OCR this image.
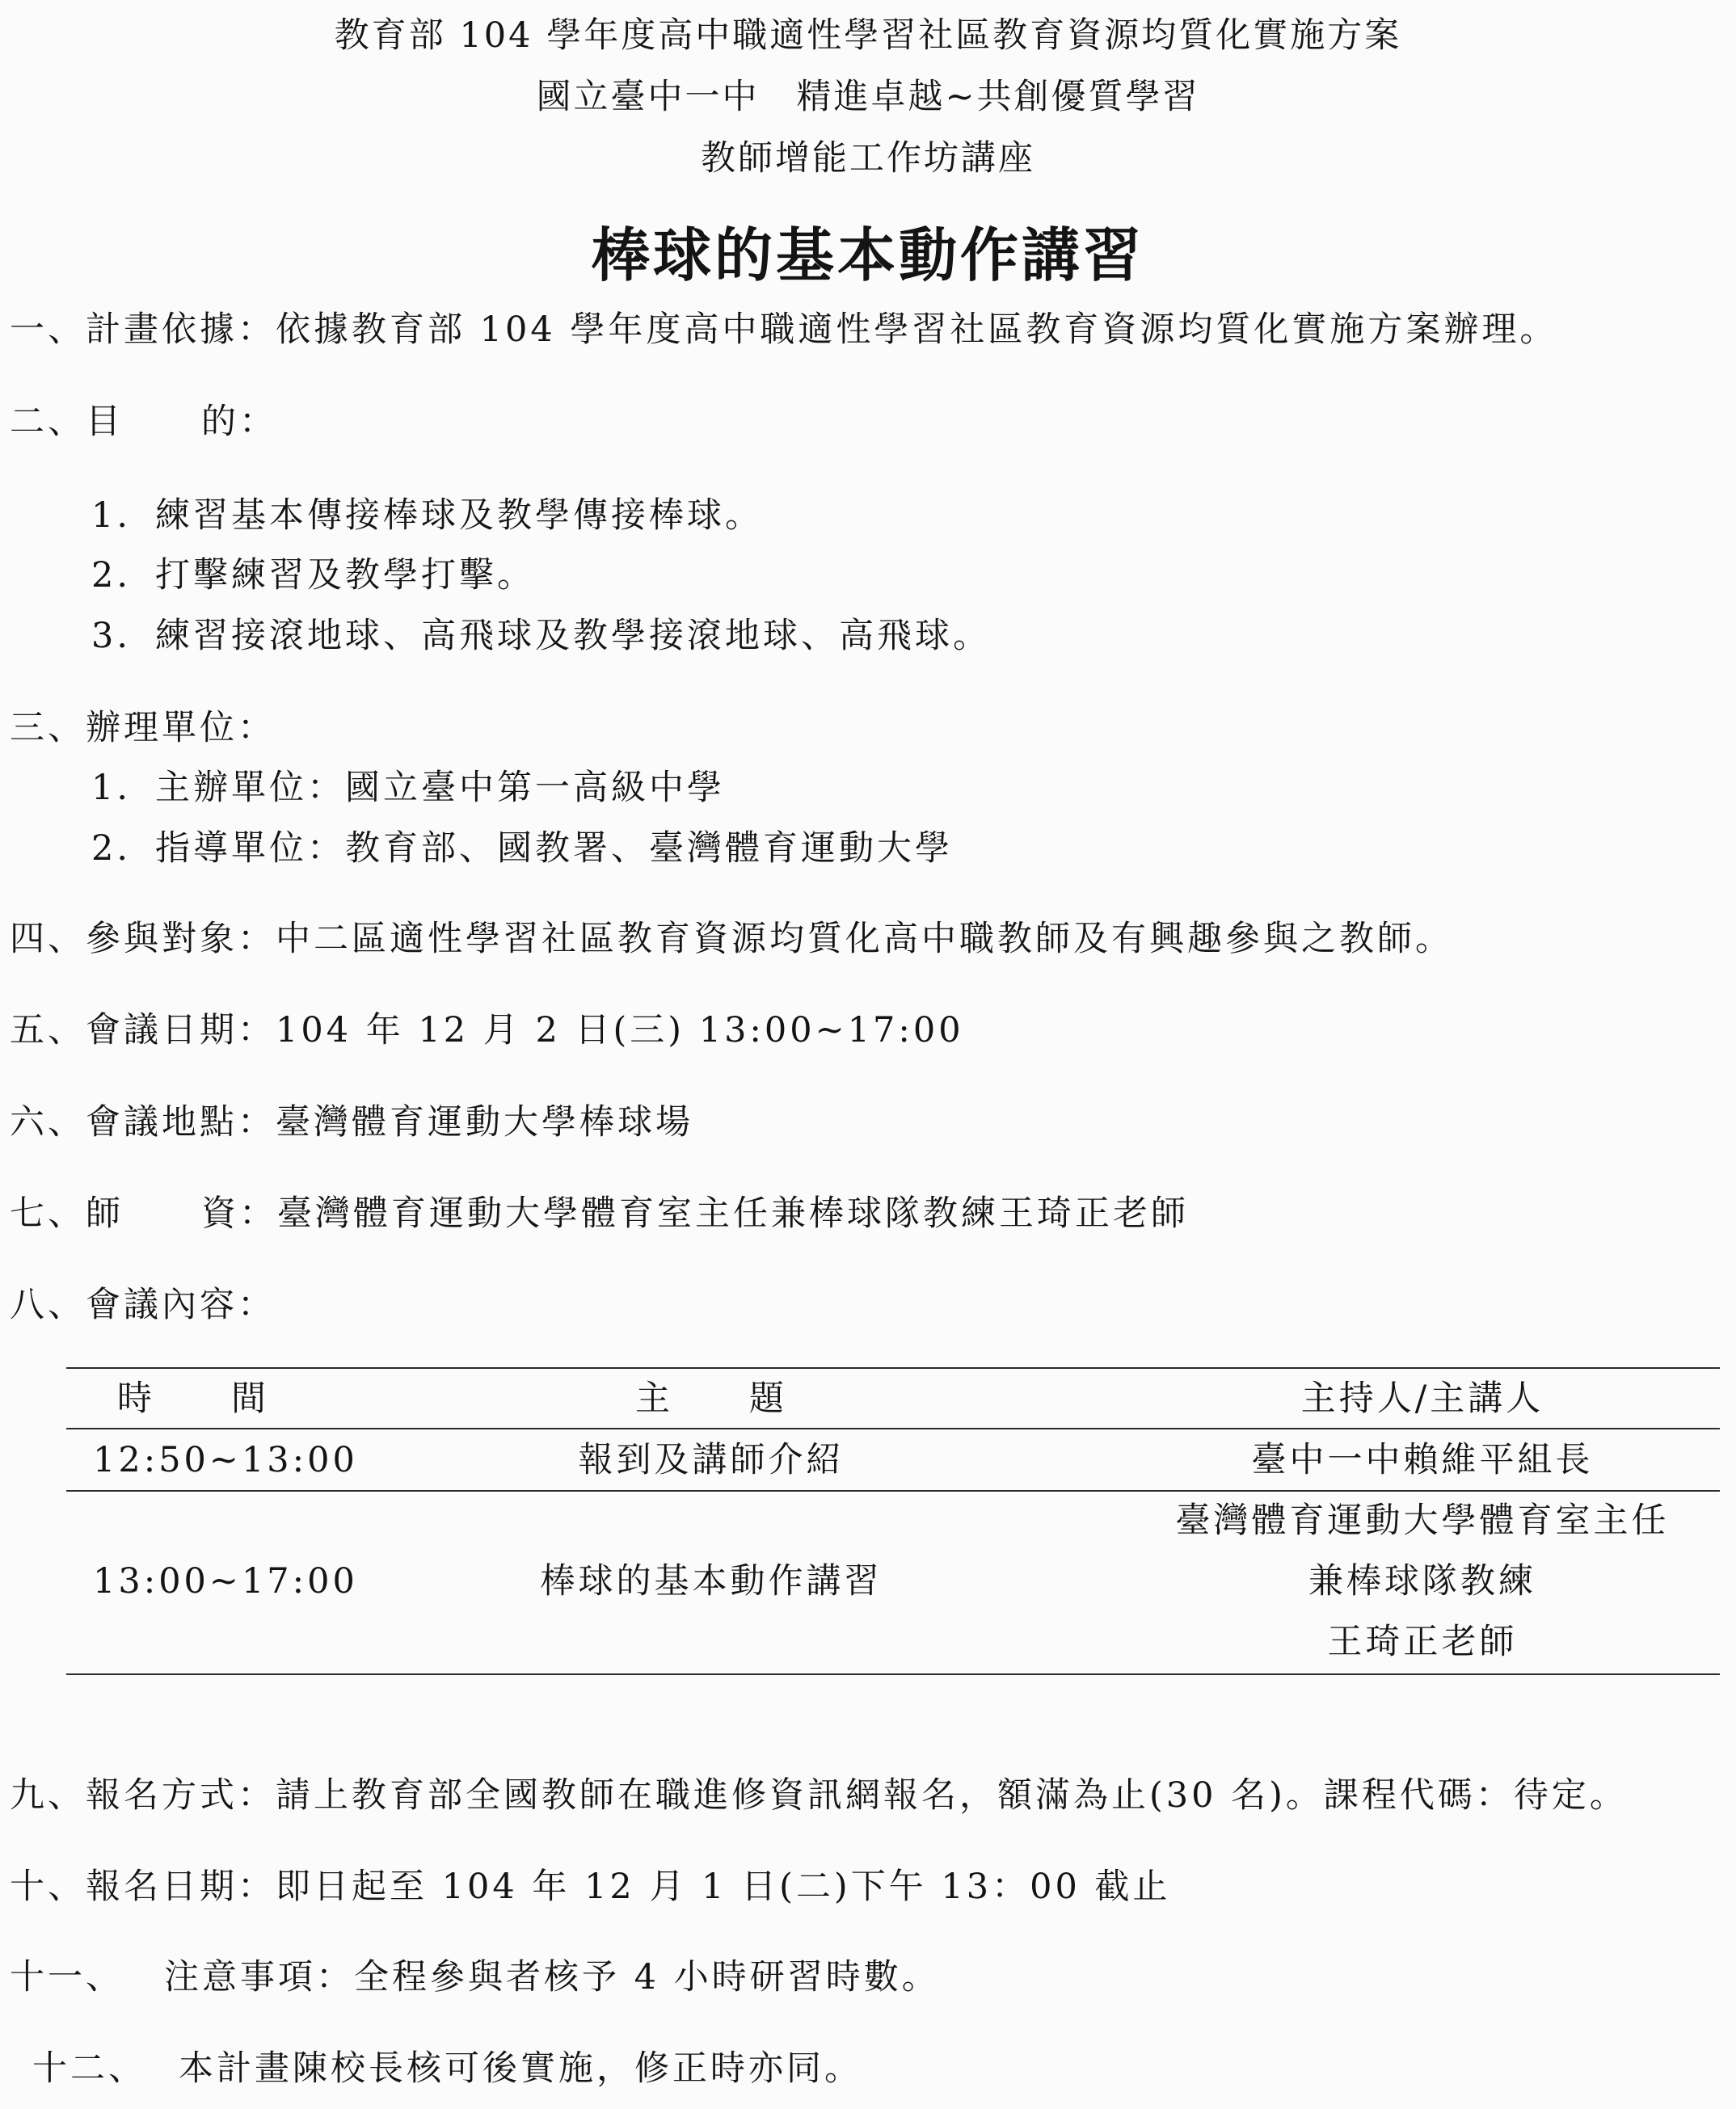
教育部 104 學年度高中職適性學習社區教育資源均質化實施方案
國立臺中一中　精進卓越~共創優質學習
教師增能工作坊講座
棒球的基本動作講習
一、計畫依據：依據教育部 104 學年度高中職適性學習社區教育資源均質化實施方案辦理。
二、目 的：
1. 練習基本傳接棒球及教學傳接棒球。
2. 打擊練習及教學打擊。
3. 練習接滾地球、高飛球及教學接滾地球、高飛球。
三、辦理單位：
1. 主辦單位：國立臺中第一高級中學
2. 指導單位：教育部、國教署、臺灣體育運動大學
四、參與對象：中二區適性學習社區教育資源均質化高中職教師及有興趣參與之教師。
五、會議日期：104 年 12 月 2 日(三) 13:00~17:00
六、會議地點：臺灣體育運動大學棒球場
七、師 資：臺灣體育運動大學體育室主任兼棒球隊教練王琦正老師
八、會議內容：
時　　間	主　　題	主持人/主講人
12:50~13:00	報到及講師介紹	臺中一中賴維平組長
13:00~17:00	棒球的基本動作講習
臺灣體育運動大學體育室主任
兼棒球隊教練
王琦正老師
九、報名方式：請上教育部全國教師在職進修資訊網報名，額滿為止(30 名)。課程代碼：待定。
十、報名日期：即日起至 104 年 12 月 1 日(二)下午 13：00 截止
十一、 注意事項：全程參與者核予 4 小時研習時數。
十二、 本計畫陳校長核可後實施，修正時亦同。
